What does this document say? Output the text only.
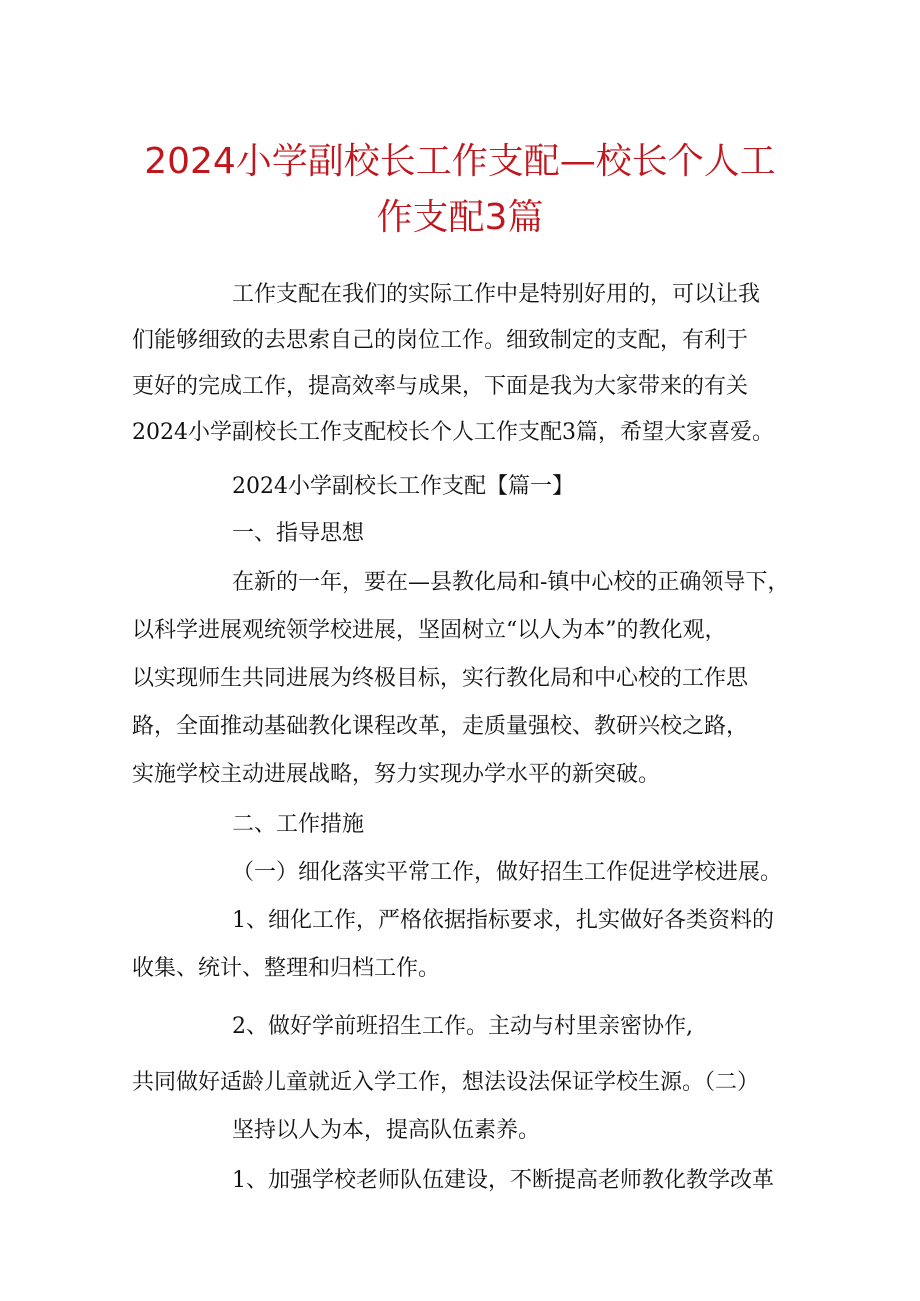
2024小学副校长工作支配—校长个人工
作支配3篇

工作支配在我们的实际工作中是特别好用的，可以让我

们能够细致的去思索自己的岗位工作。细致制定的支配，有利于

更好的完成工作，提高效率与成果，下面是我为大家带来的有关

2024小学副校长工作支配校长个人工作支配3篇，希望大家喜爱。

2024小学副校长工作支配【篇一】

一、指导思想

在新的一年，要在—县教化局和-镇中心校的正确领导下，

以科学进展观统领学校进展，坚固树立“以人为本”的教化观，

以实现师生共同进展为终极目标，实行教化局和中心校的工作思

路，全面推动基础教化课程改革，走质量强校、教研兴校之路，

实施学校主动进展战略，努力实现办学水平的新突破。

二、工作措施

（一）细化落实平常工作，做好招生工作促进学校进展。

1、细化工作，严格依据指标要求，扎实做好各类资料的

收集、统计、整理和归档工作。

2、做好学前班招生工作。主动与村里亲密协作,

共同做好适龄儿童就近入学工作，想法设法保证学校生源。（二）

坚持以人为本，提高队伍素养。

1、加强学校老师队伍建设，不断提高老师教化教学改革
